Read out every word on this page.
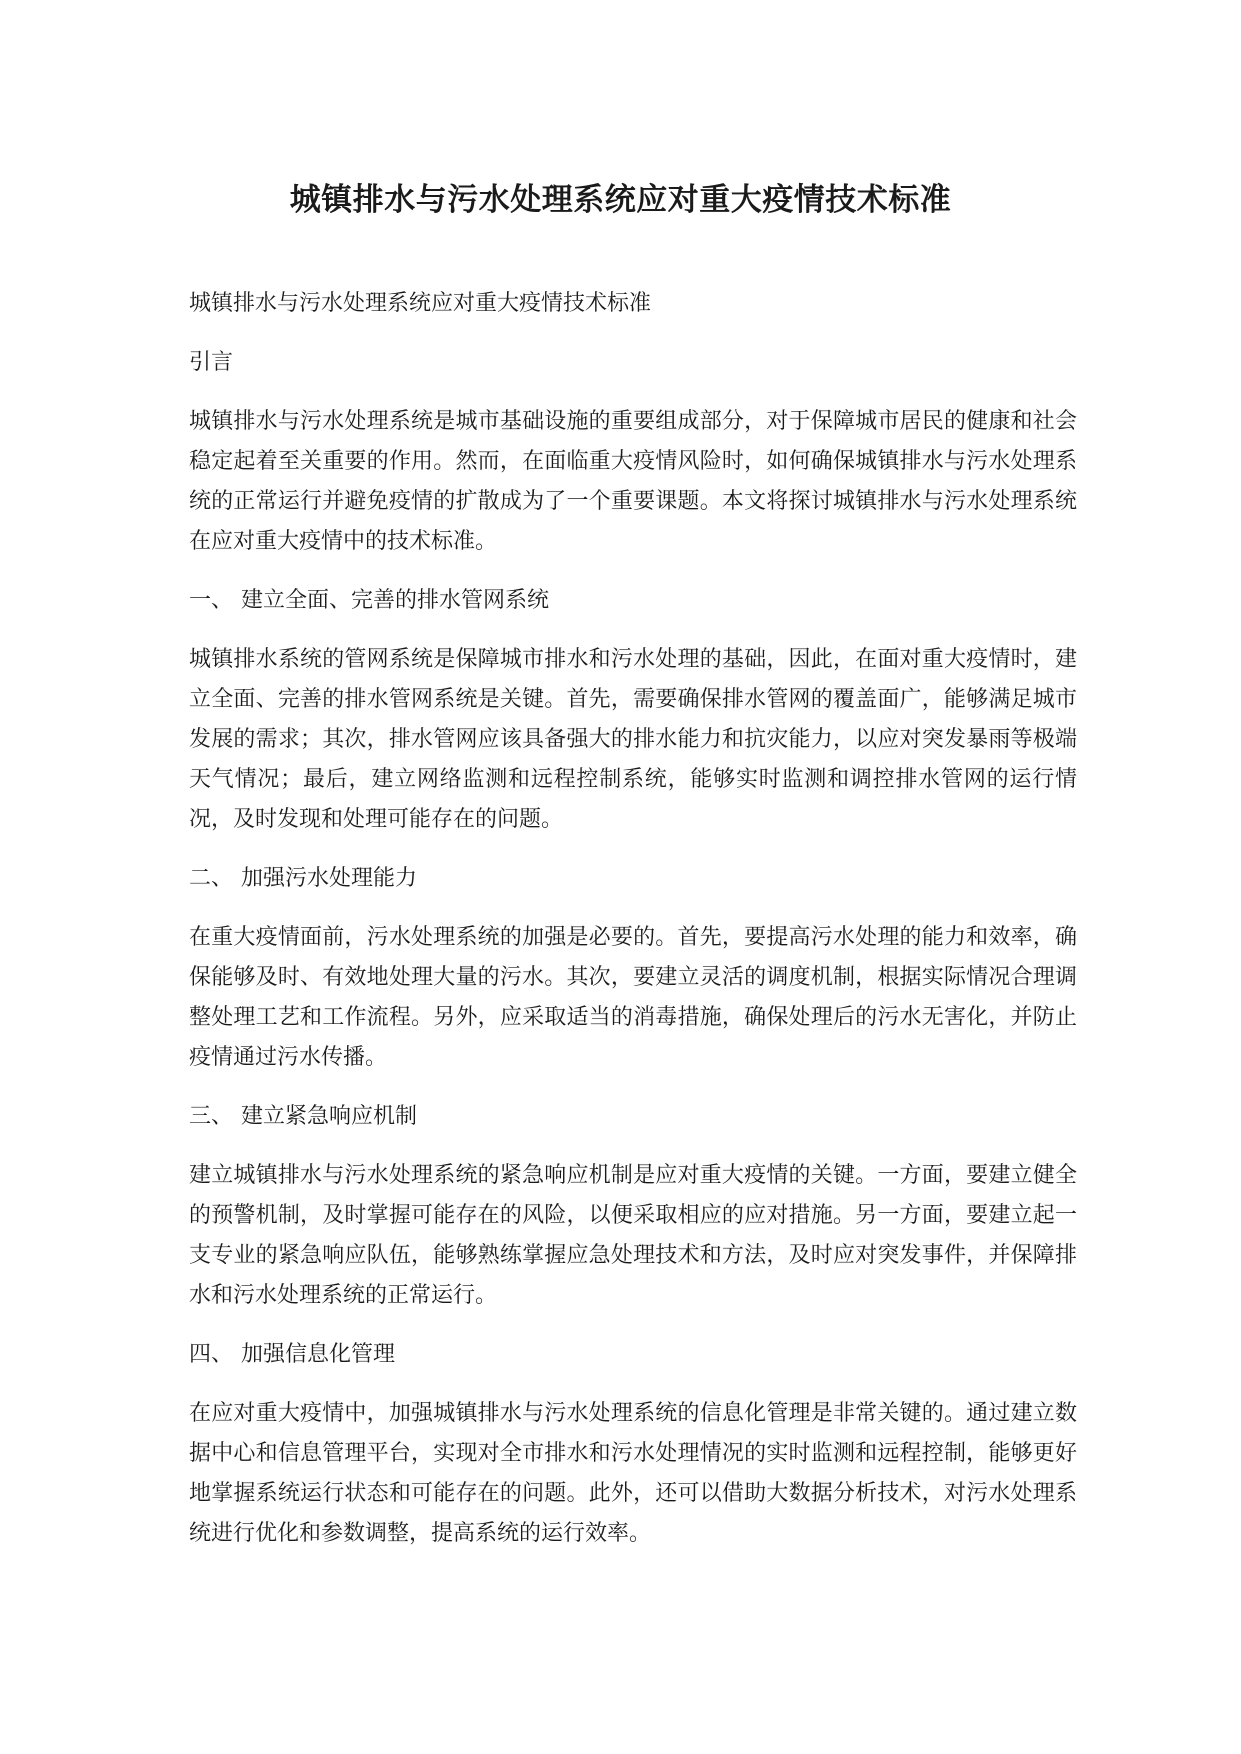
城镇排水与污水处理系统应对重大疫情技术标准

城镇排水与污水处理系统应对重大疫情技术标准

引言

城镇排水与污水处理系统是城市基础设施的重要组成部分，对于保障城市居民的健康和社会稳定起着至关重要的作用。然而，在面临重大疫情风险时，如何确保城镇排水与污水处理系统的正常运行并避免疫情的扩散成为了一个重要课题。本文将探讨城镇排水与污水处理系统在应对重大疫情中的技术标准。

一、 建立全面、完善的排水管网系统

城镇排水系统的管网系统是保障城市排水和污水处理的基础，因此，在面对重大疫情时，建立全面、完善的排水管网系统是关键。首先，需要确保排水管网的覆盖面广，能够满足城市发展的需求；其次，排水管网应该具备强大的排水能力和抗灾能力，以应对突发暴雨等极端天气情况；最后，建立网络监测和远程控制系统，能够实时监测和调控排水管网的运行情况，及时发现和处理可能存在的问题。

二、 加强污水处理能力

在重大疫情面前，污水处理系统的加强是必要的。首先，要提高污水处理的能力和效率，确保能够及时、有效地处理大量的污水。其次，要建立灵活的调度机制，根据实际情况合理调整处理工艺和工作流程。另外，应采取适当的消毒措施，确保处理后的污水无害化，并防止疫情通过污水传播。

三、 建立紧急响应机制

建立城镇排水与污水处理系统的紧急响应机制是应对重大疫情的关键。一方面，要建立健全的预警机制，及时掌握可能存在的风险，以便采取相应的应对措施。另一方面，要建立起一支专业的紧急响应队伍，能够熟练掌握应急处理技术和方法，及时应对突发事件，并保障排水和污水处理系统的正常运行。

四、 加强信息化管理

在应对重大疫情中，加强城镇排水与污水处理系统的信息化管理是非常关键的。通过建立数据中心和信息管理平台，实现对全市排水和污水处理情况的实时监测和远程控制，能够更好地掌握系统运行状态和可能存在的问题。此外，还可以借助大数据分析技术，对污水处理系统进行优化和参数调整，提高系统的运行效率。
